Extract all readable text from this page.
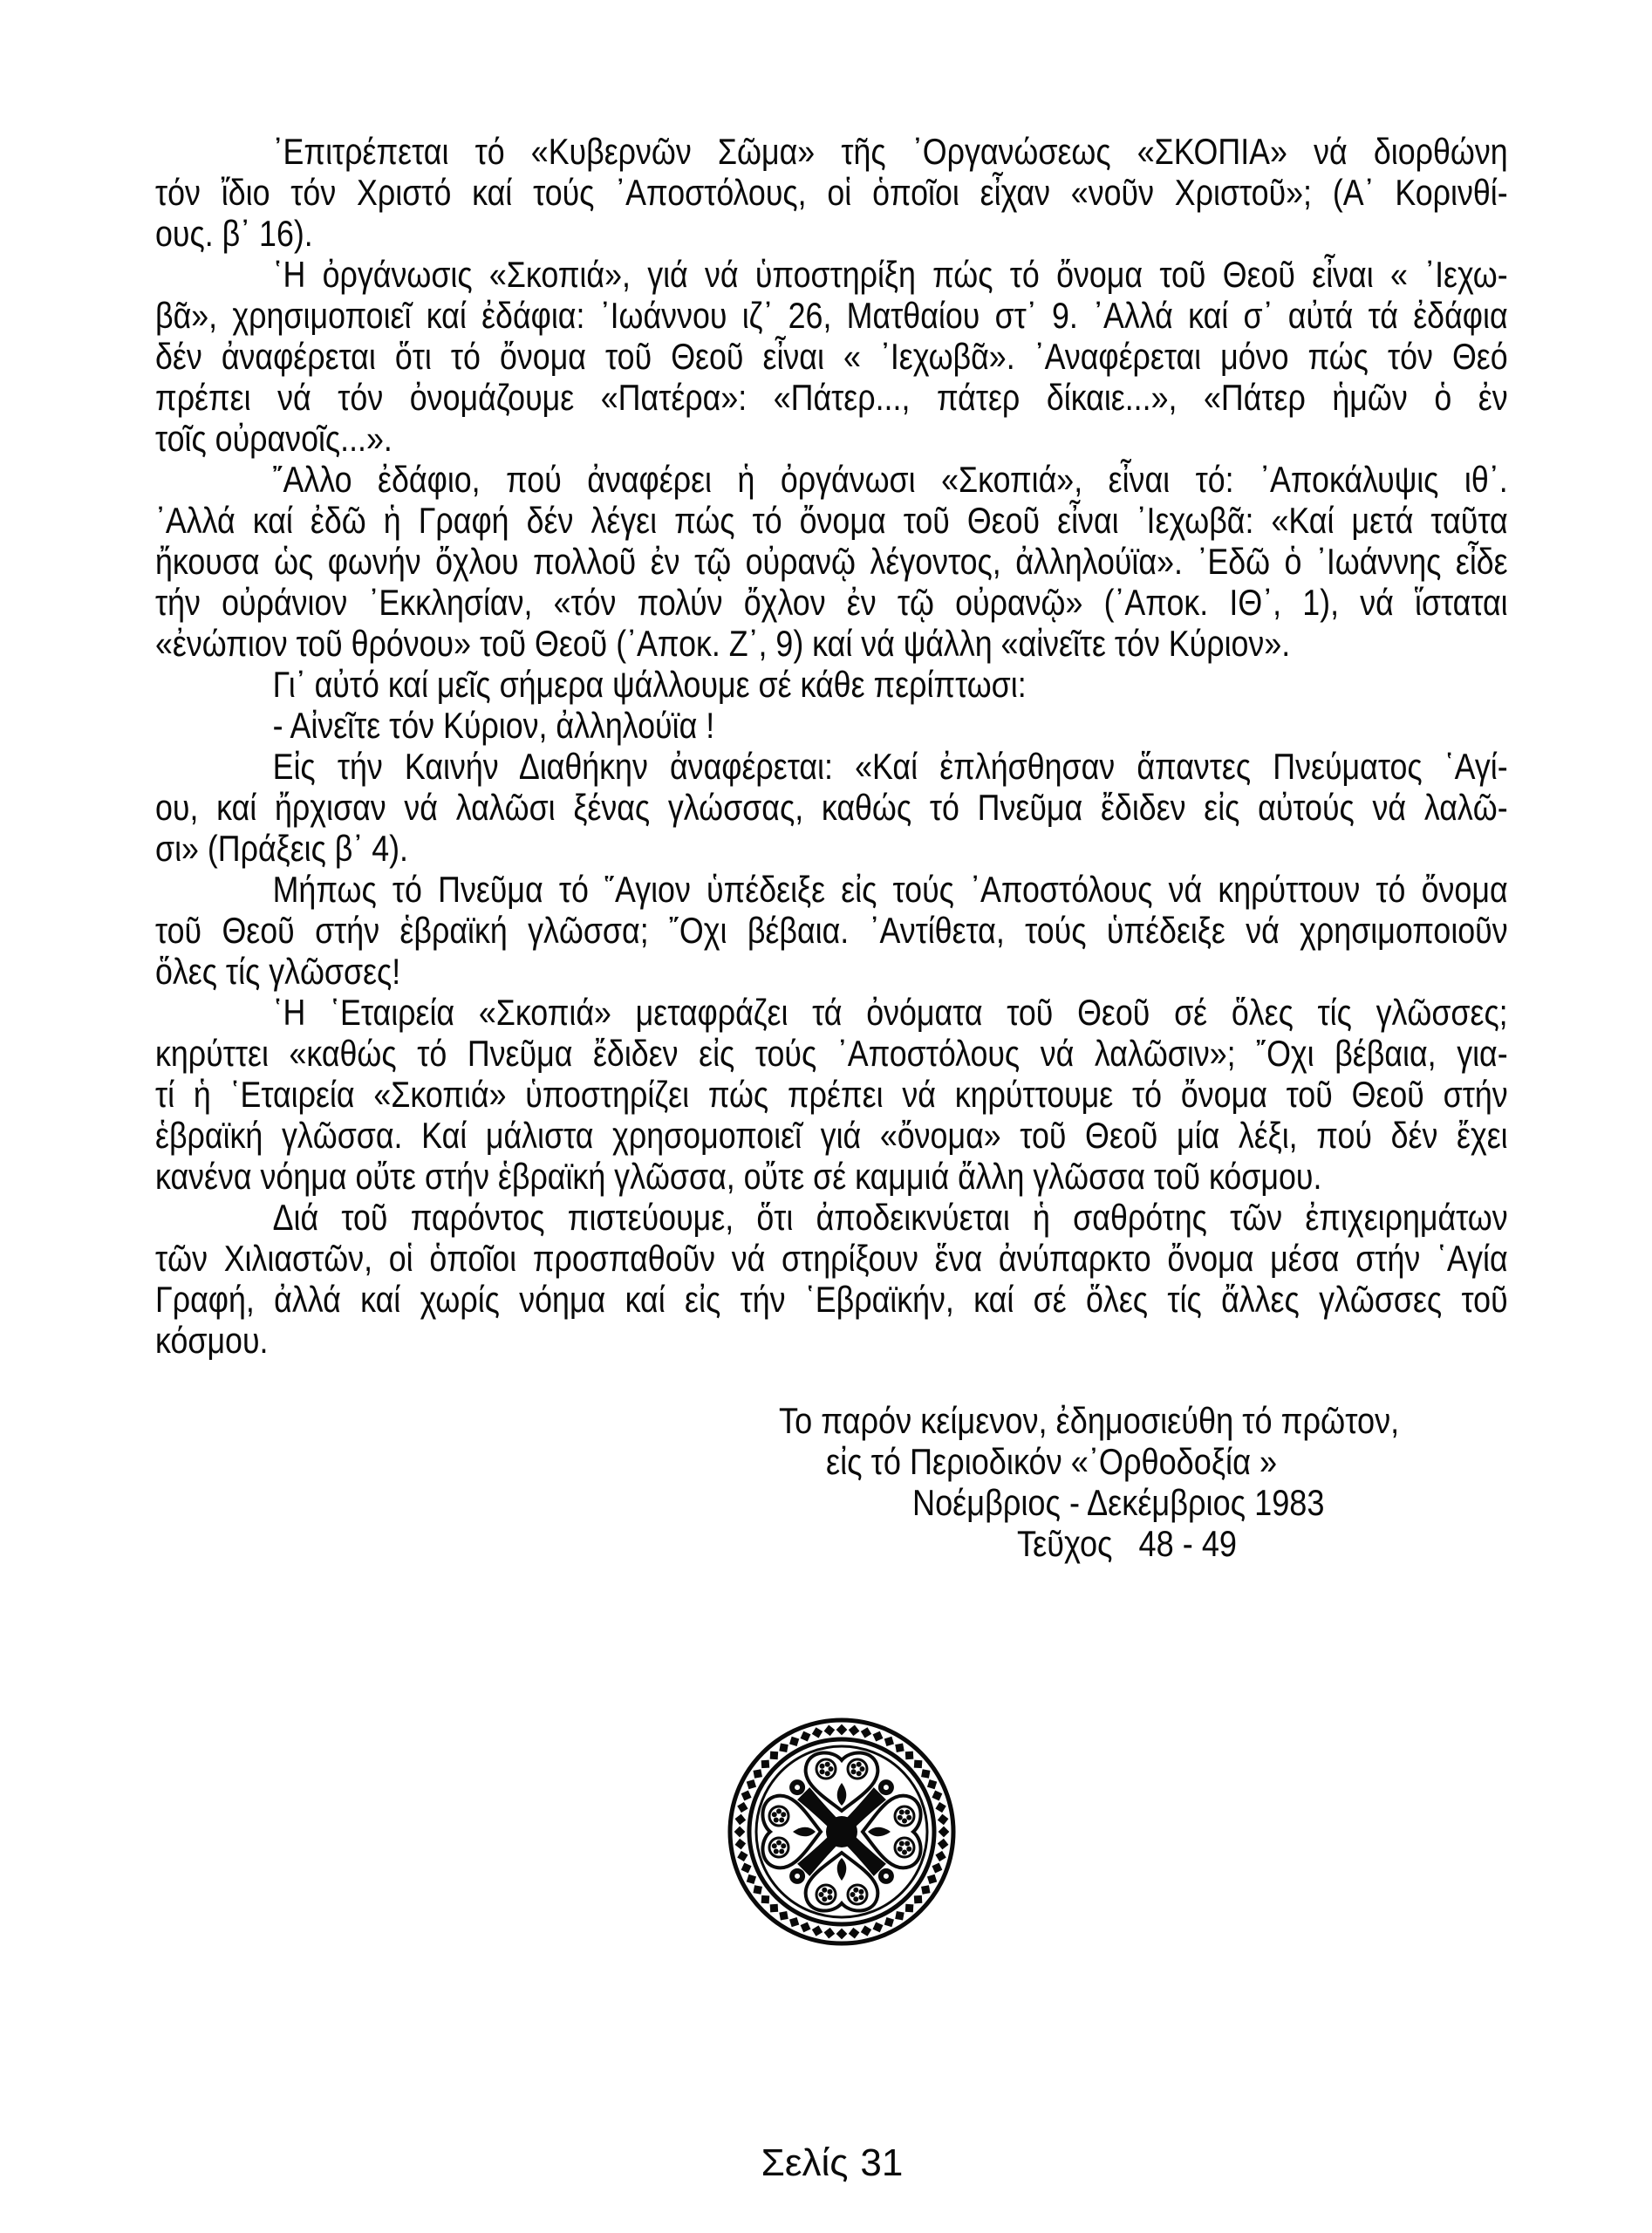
᾿Επιτρέπεται τό «Κυβερνῶν Σῶμα» τῆς ᾿Οργανώσεως «ΣΚΟΠΙΑ» νά διορθώνη
τόν ἴδιο τόν Χριστό καί τούς ᾿Αποστόλους, οἱ ὁποῖοι εἶχαν «νοῦν Χριστοῦ»; (Α᾿ Κορινθί-
ους. β᾿ 16).
῾Η ὀργάνωσις «Σκοπιά», γιά νά ὑποστηρίξη πώς τό ὄνομα τοῦ Θεοῦ εἶναι « ᾿Ιεχω-
βᾶ», χρησιμοποιεῖ καί ἐδάφια: ᾿Ιωάννου ιζ᾿ 26, Ματθαίου στ᾿ 9. ᾿Αλλά καί σ᾿ αὐτά τά ἐδάφια
δέν ἀναφέρεται ὅτι τό ὄνομα τοῦ Θεοῦ εἶναι « ᾿Ιεχωβᾶ». ᾿Αναφέρεται μόνο πώς τόν Θεό
πρέπει νά τόν ὀνομάζουμε «Πατέρα»: «Πάτερ..., πάτερ δίκαιε...», «Πάτερ ἡμῶν ὁ ἐν
τοῖς οὐρανοῖς...».
῎Αλλο ἐδάφιο, πού ἀναφέρει ἡ ὀργάνωσι «Σκοπιά», εἶναι τό: ᾿Αποκάλυψις ιθ᾿.
᾿Αλλά καί ἐδῶ ἡ Γραφή δέν λέγει πώς τό ὄνομα τοῦ Θεοῦ εἶναι ᾿Ιεχωβᾶ: «Καί μετά ταῦτα
ἤκουσα ὡς φωνήν ὄχλου πολλοῦ ἐν τῷ οὐρανῷ λέγοντος, ἀλληλούϊα». ᾿Εδῶ ὁ ᾿Ιωάννης εἶδε
τήν οὐράνιον ᾿Εκκλησίαν, «τόν πολύν ὄχλον ἐν τῷ οὐρανῷ» (᾿Αποκ. ΙΘ᾿, 1), νά ἵσταται
«ἐνώπιον τοῦ θρόνου» τοῦ Θεοῦ (᾿Αποκ. Ζ᾿, 9) καί νά ψάλλη «αἰνεῖτε τόν Κύριον».
Γι᾿ αὐτό καί μεῖς σήμερα ψάλλουμε σέ κάθε περίπτωσι:
- Αἰνεῖτε τόν Κύριον, ἀλληλούϊα !
Εἰς τήν Καινήν Διαθήκην ἀναφέρεται: «Καί ἐπλήσθησαν ἅπαντες Πνεύματος ῾Αγί-
ου, καί ἤρχισαν νά λαλῶσι ξένας γλώσσας, καθώς τό Πνεῦμα ἔδιδεν εἰς αὐτούς νά λαλῶ-
σι» (Πράξεις β᾿ 4).
Μήπως τό Πνεῦμα τό ῞Αγιον ὑπέδειξε εἰς τούς ᾿Αποστόλους νά κηρύττουν τό ὄνομα
τοῦ Θεοῦ στήν ἑβραϊκή γλῶσσα; ῎Οχι βέβαια. ᾿Αντίθετα, τούς ὑπέδειξε νά χρησιμοποιοῦν
ὅλες τίς γλῶσσες!
῾Η ῾Εταιρεία «Σκοπιά» μεταφράζει τά ὀνόματα τοῦ Θεοῦ σέ ὅλες τίς γλῶσσες;
κηρύττει «καθώς τό Πνεῦμα ἔδιδεν εἰς τούς ᾿Αποστόλους νά λαλῶσιν»; ῎Οχι βέβαια, για-
τί ἡ ῾Εταιρεία «Σκοπιά» ὑποστηρίζει πώς πρέπει νά κηρύττουμε τό ὄνομα τοῦ Θεοῦ στήν
ἑβραϊκή γλῶσσα. Καί μάλιστα χρησομοποιεῖ γιά «ὄνομα» τοῦ Θεοῦ μία λέξι, πού δέν ἔχει
κανένα νόημα οὔτε στήν ἑβραϊκή γλῶσσα, οὔτε σέ καμμιά ἄλλη γλῶσσα τοῦ κόσμου.
Διά τοῦ παρόντος πιστεύουμε, ὅτι ἀποδεικνύεται ἡ σαθρότης τῶν ἐπιχειρημάτων
τῶν Χιλιαστῶν, οἱ ὁποῖοι προσπαθοῦν νά στηρίξουν ἕνα ἀνύπαρκτο ὄνομα μέσα στήν ῾Αγία
Γραφή, ἀλλά καί χωρίς νόημα καί εἰς τήν ῾Εβραϊκήν, καί σέ ὅλες τίς ἄλλες γλῶσσες τοῦ
κόσμου.
Το παρόν κείμενον, ἐδημοσιεύθη τό πρῶτον,
εἰς τό Περιοδικόν «᾿Ορθοδοξία »
Νοέμβριος - Δεκέμβριος 1983
Τεῦχος   48 - 49
Σελίς 31
